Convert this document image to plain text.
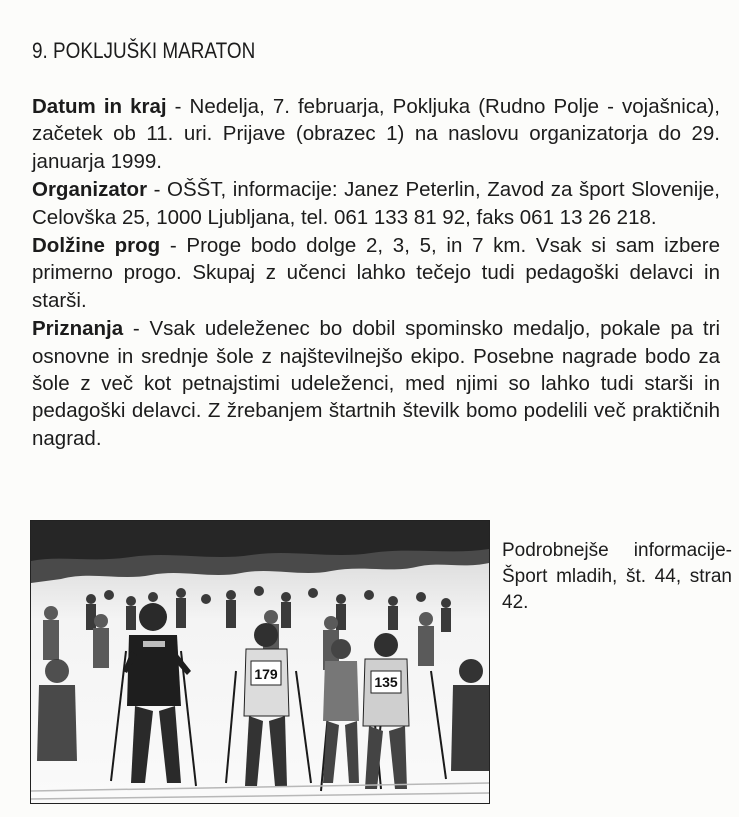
9. POKLJUŠKI MARATON

Datum in kraj - Nedelja, 7. februarja, Pokljuka (Rudno Polje - vojašnica), začetek ob 11. uri. Prijave (obrazec 1) na naslovu organizatorja do 29. januarja 1999.

Organizator - OŠŠT, informacije: Janez Peterlin, Zavod za šport Slovenije, Celovška 25, 1000 Ljubljana, tel. 061 133 81 92, faks 061 13 26 218.

Dolžine prog - Proge bodo dolge 2, 3, 5, in 7 km. Vsak si sam izbere primerno progo. Skupaj z učenci lahko tečejo tudi pedagoški delavci in starši.

Priznanja - Vsak udeleženec bo dobil spominsko medaljo, pokale pa tri osnovne in srednje šole z najštevilnejšo ekipo. Posebne nagrade bodo za šole z več kot petnajstimi udeleženci, med njimi so lahko tudi starši in pedagoški delavci. Z žrebanjem štartnih številk bomo podelili več praktičnih nagrad.

179	135
Podrobnejše informacije- Šport mladih, št. 44, stran 42.
